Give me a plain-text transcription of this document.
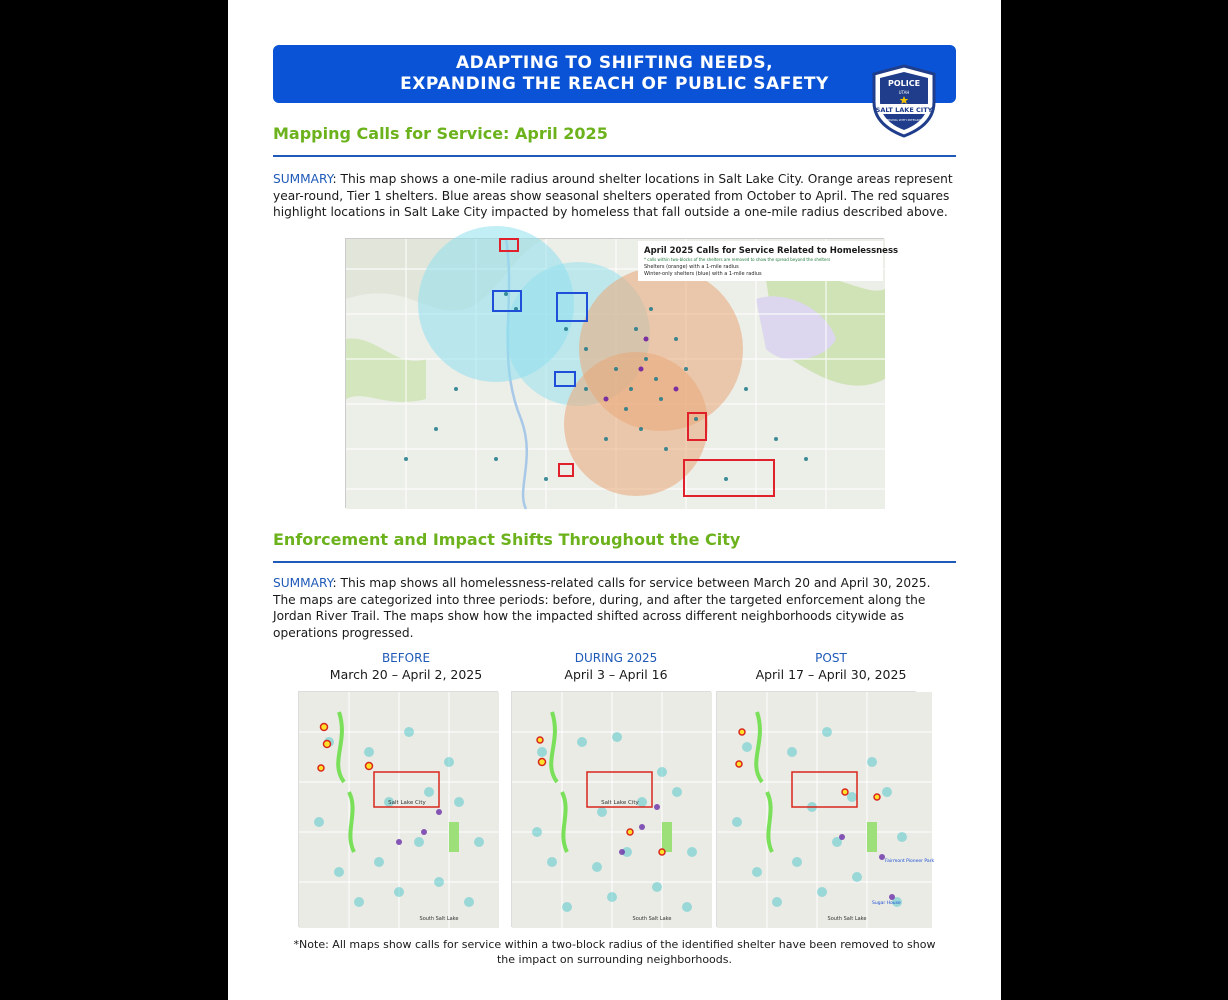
ADAPTING TO SHIFTING NEEDS,
EXPANDING THE REACH OF PUBLIC SAFETY	POLICE
UTAH
SALT LAKE CITY
SERVING WITH INTEGRITY
Mapping Calls for Service: April 2025
SUMMARY: This map shows a one-mile radius around shelter locations in Salt Lake City. Orange areas represent year-round, Tier 1 shelters. Blue areas show seasonal shelters operated from October to April. The red squares highlight locations in Salt Lake City impacted by homeless that fall outside a one-mile radius described above.
April 2025 Calls for Service Related to Homelessness
* calls within two-blocks of the shelters are removed to show the spread beyond the shelters
Shelters (orange) with a 1-mile radius
Winter-only shelters (blue) with a 1-mile radius
Enforcement and Impact Shifts Throughout the City
SUMMARY: This map shows all homelessness-related calls for service between March 20 and April 30, 2025. The maps are categorized into three periods: before, during, and after the targeted enforcement along the Jordan River Trail. The maps show how the impacted shifted across different neighborhoods citywide as operations progressed.
BEFORE
March 20 – April 2, 2025
DURING 2025
April 3 – April 16
POST
April 17 – April 30, 2025
Salt Lake City
South Salt Lake
Salt Lake City
South Salt Lake
Fairmont Pioneer Park
Sugar House
South Salt Lake
*Note: All maps show calls for service within a two-block radius of the identified shelter have been removed to show the impact on surrounding neighborhoods.
